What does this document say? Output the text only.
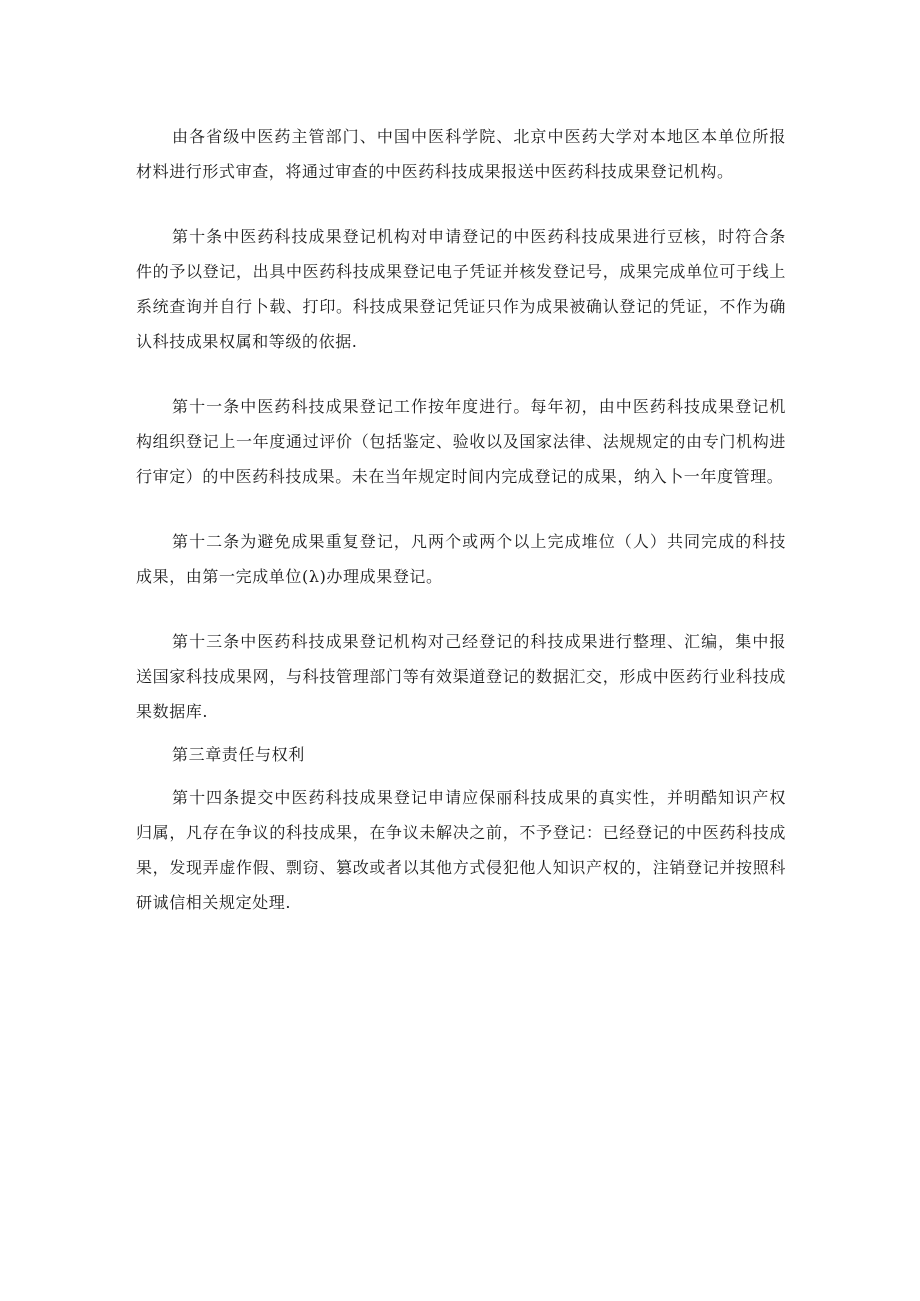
由各省级中医药主管部门、中国中医科学院、北京中医药大学对本地区本单位所报材料进行形式审查，将通过审查的中医药科技成果报送中医药科技成果登记机构。

第十条中医药科技成果登记机构对申请登记的中医药科技成果进行豆核，时符合条件的予以登记，出具中医药科技成果登记电子凭证并核发登记号，成果完成单位可于线上系统查询并自行卜载、打印。科技成果登记凭证只作为成果被确认登记的凭证，不作为确认科技成果权属和等级的依据.

第十一条中医药科技成果登记工作按年度进行。每年初，由中医药科技成果登记机构组织登记上一年度通过评价（包括鉴定、验收以及国家法律、法规规定的由专门机构进行审定）的中医药科技成果。未在当年规定时间内完成登记的成果，纳入卜一年度管理。

第十二条为避免成果重复登记，凡两个或两个以上完成堆位（人）共同完成的科技成果，由第一完成单位(λ)办理成果登记。

第十三条中医药科技成果登记机构对己经登记的科技成果进行整理、汇编，集中报送国家科技成果网，与科技管理部门等有效渠道登记的数据汇交，形成中医药行业科技成果数据库.

第三章责任与权利

第十四条提交中医药科技成果登记申请应保丽科技成果的真实性，并明酷知识产权归属，凡存在争议的科技成果，在争议未解决之前，不予登记：已经登记的中医药科技成果，发现弄虚作假、剽窃、篡改或者以其他方式侵犯他人知识产权的，注销登记并按照科研诚信相关规定处理.
